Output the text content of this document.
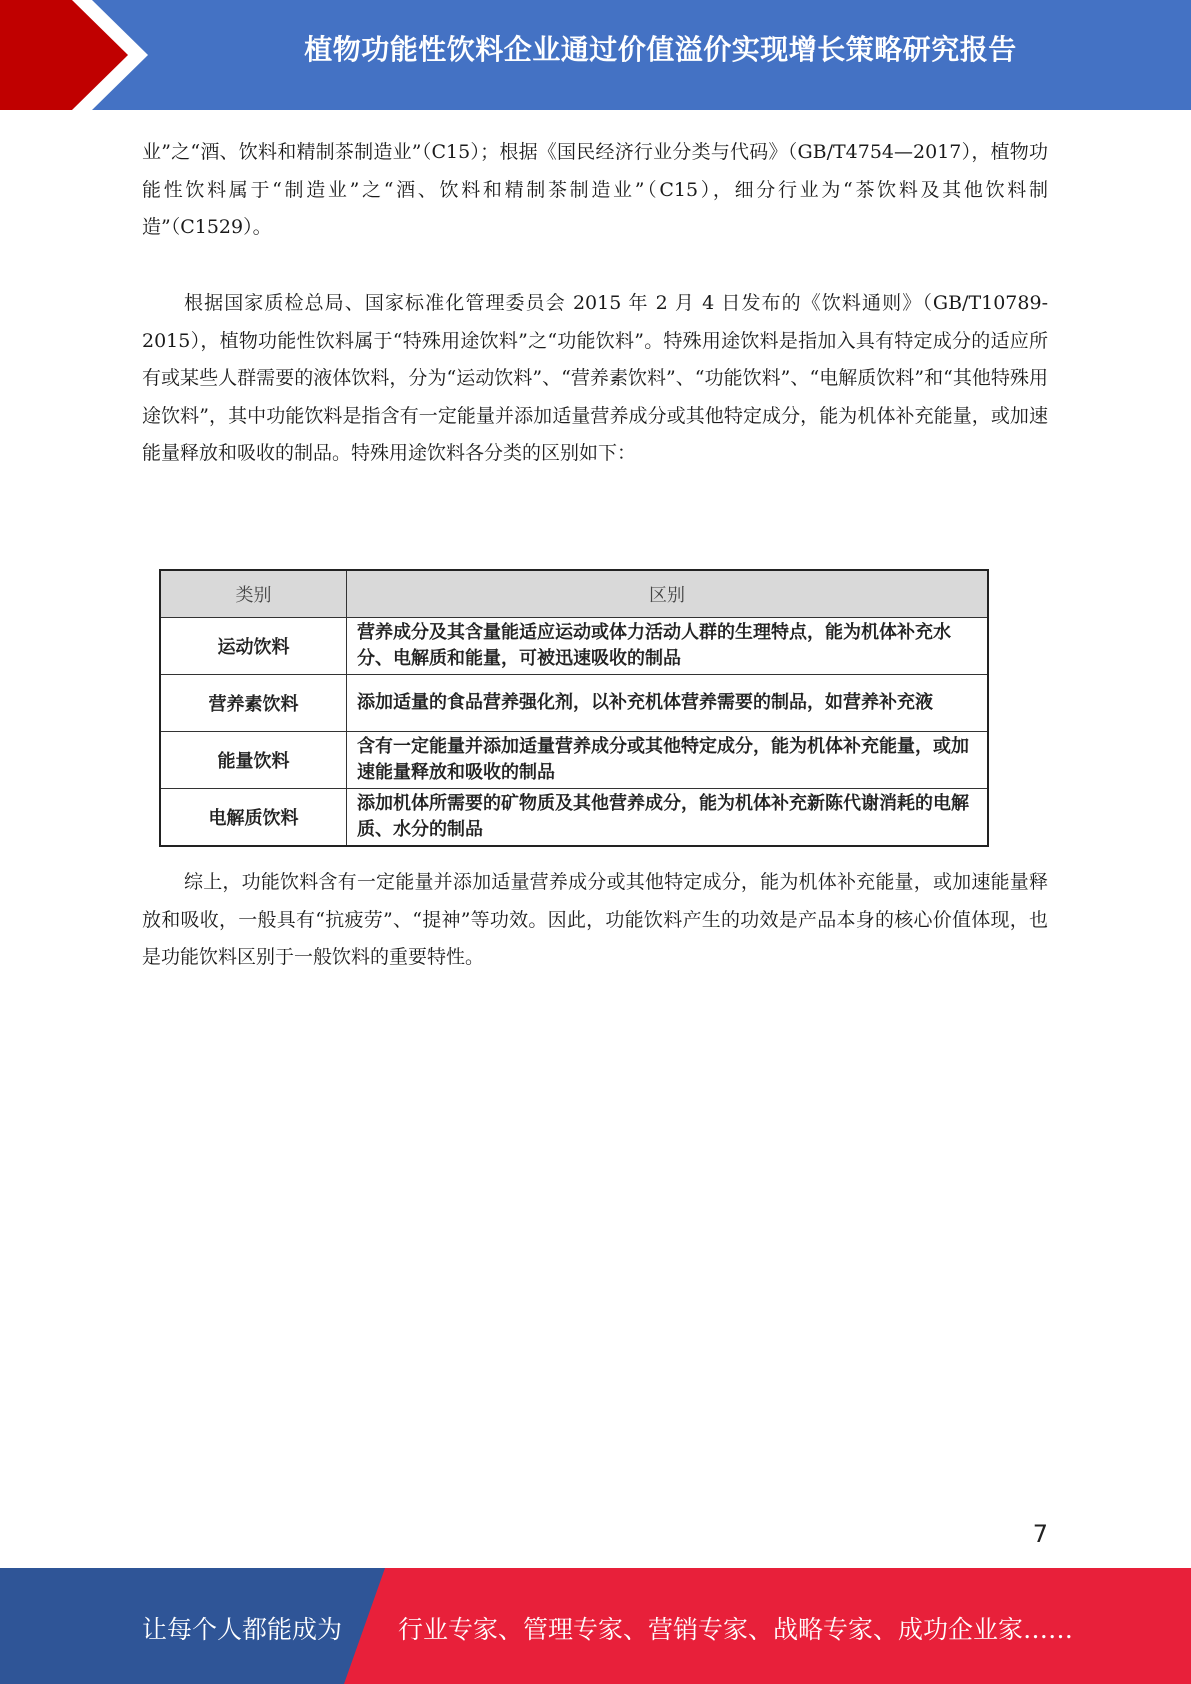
植物功能性饮料企业通过价值溢价实现增长策略研究报告

业”之“酒、饮料和精制茶制造业”（C15）；根据《国民经济行业分类与代码》（GB/T4754—2017），植物功能性饮料属于“制造业”之“酒、饮料和精制茶制造业”（C15），细分行业为“茶饮料及其他饮料制造”（C1529）。

根据国家质检总局、国家标准化管理委员会 2015 年 2 月 4 日发布的《饮料通则》（GB/T10789-2015），植物功能性饮料属于“特殊用途饮料”之“功能饮料”。特殊用途饮料是指加入具有特定成分的适应所有或某些人群需要的液体饮料，分为“运动饮料”、“营养素饮料”、“功能饮料”、“电解质饮料”和“其他特殊用途饮料”，其中功能饮料是指含有一定能量并添加适量营养成分或其他特定成分，能为机体补充能量，或加速能量释放和吸收的制品。特殊用途饮料各分类的区别如下：

类别	区别
运动饮料	营养成分及其含量能适应运动或体力活动人群的生理特点，能为机体补充水分、电解质和能量，可被迅速吸收的制品
营养素饮料	添加适量的食品营养强化剂，以补充机体营养需要的制品，如营养补充液
能量饮料	含有一定能量并添加适量营养成分或其他特定成分，能为机体补充能量，或加速能量释放和吸收的制品
电解质饮料	添加机体所需要的矿物质及其他营养成分，能为机体补充新陈代谢消耗的电解质、水分的制品

综上，功能饮料含有一定能量并添加适量营养成分或其他特定成分，能为机体补充能量，或加速能量释放和吸收，一般具有“抗疲劳”、“提神”等功效。因此，功能饮料产生的功效是产品本身的核心价值体现，也是功能饮料区别于一般饮料的重要特性。

7
让每个人都能成为 行业专家、管理专家、营销专家、战略专家、成功企业家……
